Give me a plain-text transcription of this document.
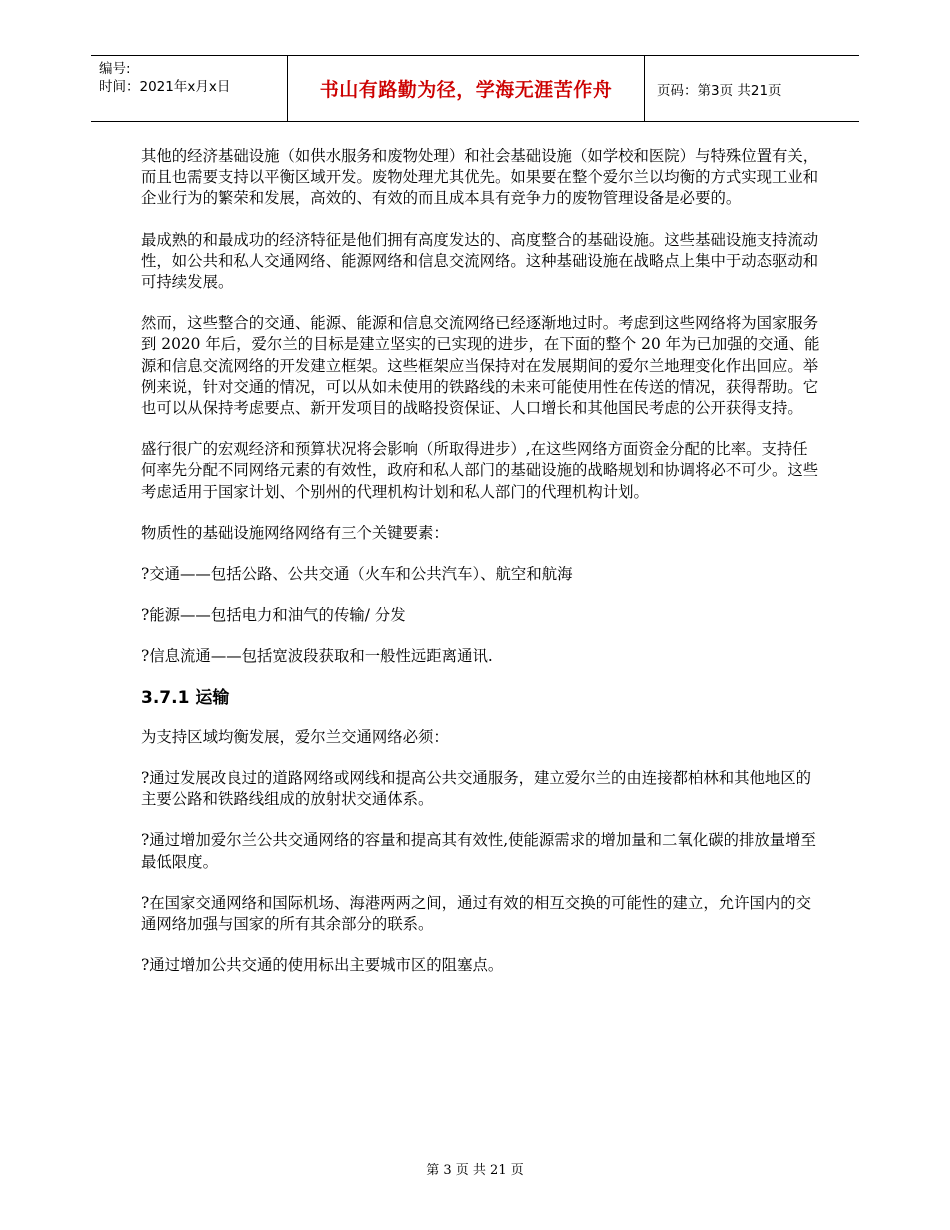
编号:
时间：2021年x月x日	书山有路勤为径，学海无涯苦作舟	页码：第3页 共21页

其他的经济基础设施（如供水服务和废物处理）和社会基础设施（如学校和医院）与特殊位置有关，而且也需要支持以平衡区域开发。废物处理尤其优先。如果要在整个爱尔兰以均衡的方式实现工业和企业行为的繁荣和发展，高效的、有效的而且成本具有竞争力的废物管理设备是必要的。

最成熟的和最成功的经济特征是他们拥有高度发达的、高度整合的基础设施。这些基础设施支持流动性，如公共和私人交通网络、能源网络和信息交流网络。这种基础设施在战略点上集中于动态驱动和可持续发展。

然而，这些整合的交通、能源、能源和信息交流网络已经逐渐地过时。考虑到这些网络将为国家服务到 2020 年后，爱尔兰的目标是建立坚实的已实现的进步，在下面的整个 20 年为已加强的交通、能源和信息交流网络的开发建立框架。这些框架应当保持对在发展期间的爱尔兰地理变化作出回应。举例来说，针对交通的情况，可以从如未使用的铁路线的未来可能使用性在传送的情况，获得帮助。它也可以从保持考虑要点、新开发项目的战略投资保证、人口增长和其他国民考虑的公开获得支持。

盛行很广的宏观经济和预算状况将会影响（所取得进步）,在这些网络方面资金分配的比率。支持任何率先分配不同网络元素的有效性，政府和私人部门的基础设施的战略规划和协调将必不可少。这些考虑适用于国家计划、个别州的代理机构计划和私人部门的代理机构计划。

物质性的基础设施网络网络有三个关键要素：

?交通——包括公路、公共交通（火车和公共汽车）、航空和航海

?能源——包括电力和油气的传输/ 分发

?信息流通——包括宽波段获取和一般性远距离通讯.

3.7.1 运输

为支持区域均衡发展，爱尔兰交通网络必须：

?通过发展改良过的道路网络或网线和提高公共交通服务，建立爱尔兰的由连接都柏林和其他地区的主要公路和铁路线组成的放射状交通体系。

?通过增加爱尔兰公共交通网络的容量和提高其有效性,使能源需求的增加量和二氧化碳的排放量增至最低限度。

?在国家交通网络和国际机场、海港两两之间，通过有效的相互交换的可能性的建立，允许国内的交通网络加强与国家的所有其余部分的联系。

?通过增加公共交通的使用标出主要城市区的阻塞点。

第 3 页 共 21 页
